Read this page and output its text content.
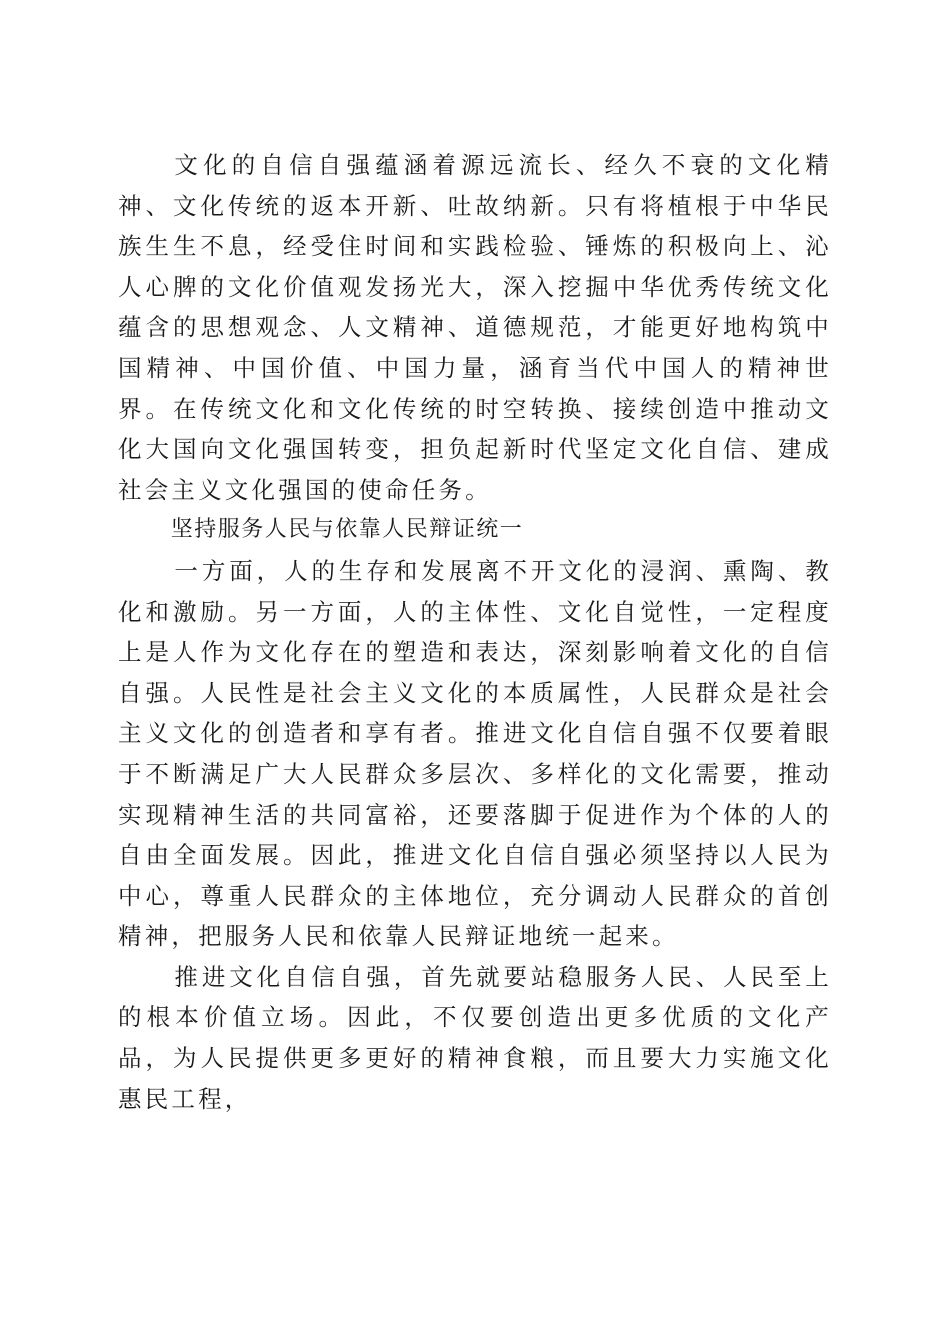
文化的自信自强蕴涵着源远流长、经久不衰的文化精神、文化传统的返本开新、吐故纳新。只有将植根于中华民族生生不息，经受住时间和实践检验、锤炼的积极向上、沁人心脾的文化价值观发扬光大，深入挖掘中华优秀传统文化蕴含的思想观念、人文精神、道德规范，才能更好地构筑中国精神、中国价值、中国力量，涵育当代中国人的精神世界。在传统文化和文化传统的时空转换、接续创造中推动文化大国向文化强国转变，担负起新时代坚定文化自信、建成社会主义文化强国的使命任务。

坚持服务人民与依靠人民辩证统一

一方面，人的生存和发展离不开文化的浸润、熏陶、教化和激励。另一方面，人的主体性、文化自觉性，一定程度上是人作为文化存在的塑造和表达，深刻影响着文化的自信自强。人民性是社会主义文化的本质属性，人民群众是社会主义文化的创造者和享有者。推进文化自信自强不仅要着眼于不断满足广大人民群众多层次、多样化的文化需要，推动实现精神生活的共同富裕，还要落脚于促进作为个体的人的自由全面发展。因此，推进文化自信自强必须坚持以人民为中心，尊重人民群众的主体地位，充分调动人民群众的首创精神，把服务人民和依靠人民辩证地统一起来。

推进文化自信自强，首先就要站稳服务人民、人民至上的根本价值立场。因此，不仅要创造出更多优质的文化产品，为人民提供更多更好的精神食粮，而且要大力实施文化惠民工程，
